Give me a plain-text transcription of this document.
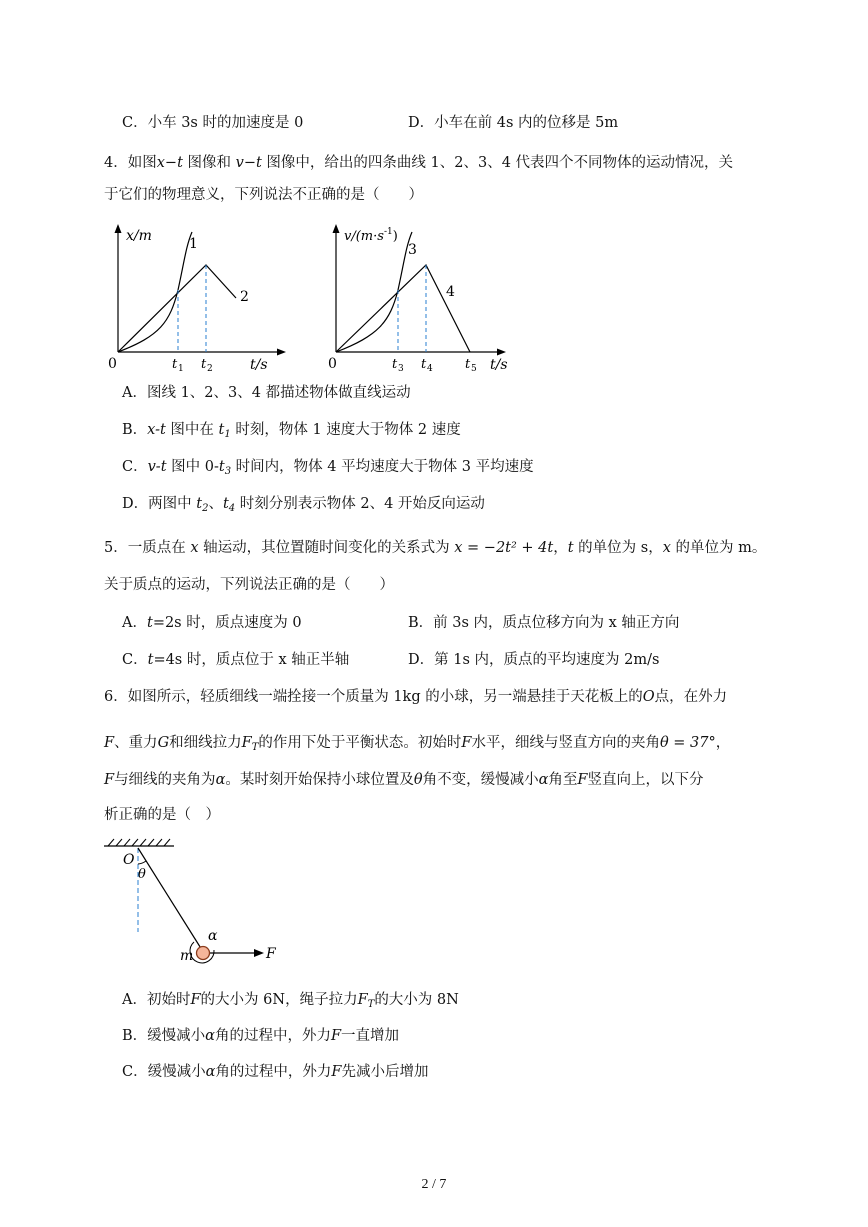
C．小车 3s 时的加速度是 0	D．小车在前 4s 内的位移是 5m
4．如图x−t 图像和 v−t 图像中，给出的四条曲线 1、2、3、4 代表四个不同物体的运动情况，关
于它们的物理意义，下列说法不正确的是（　　）
x/m
t/s
0	t 1 t 2
1
2
$v/(m\cdot s^{-1})$
t/s
0	t 3 t 4 t 5
3
4
A．图线 1、2、3、4 都描述物体做直线运动
B．x-t 图中在 $t_1$ 时刻，物体 1 速度大于物体 2 速度
C．v-t 图中 $0-t_3$ 时间内，物体 4 平均速度大于物体 3 平均速度
D．两图中 $t_2$、$t_4$ 时刻分别表示物体 2、4 开始反向运动
5．一质点在 x 轴运动，其位置随时间变化的关系式为 x = −2t² + 4t，t 的单位为 s，x 的单位为 m。
关于质点的运动，下列说法正确的是（　　）
A．t=2s 时，质点速度为 0	B．前 3s 内，质点位移方向为 x 轴正方向
C．t=4s 时，质点位于 x 轴正半轴	D．第 1s 内，质点的平均速度为 2m/s
6．如图所示，轻质细线一端拴接一个质量为 1kg 的小球，另一端悬挂于天花板上的O点，在外力
F、重力G和细线拉力$F_T$的作用下处于平衡状态。初始时F水平，细线与竖直方向的夹角θ = 37°，
F与细线的夹角为α。某时刻开始保持小球位置及θ角不变，缓慢减小α角至F竖直向上，以下分
析正确的是（　）
O
θ
α
m	F
A．初始时F的大小为 6N，绳子拉力$F_T$的大小为 8N
B．缓慢减小α角的过程中，外力F一直增加
C．缓慢减小α角的过程中，外力F先减小后增加
2 / 7
